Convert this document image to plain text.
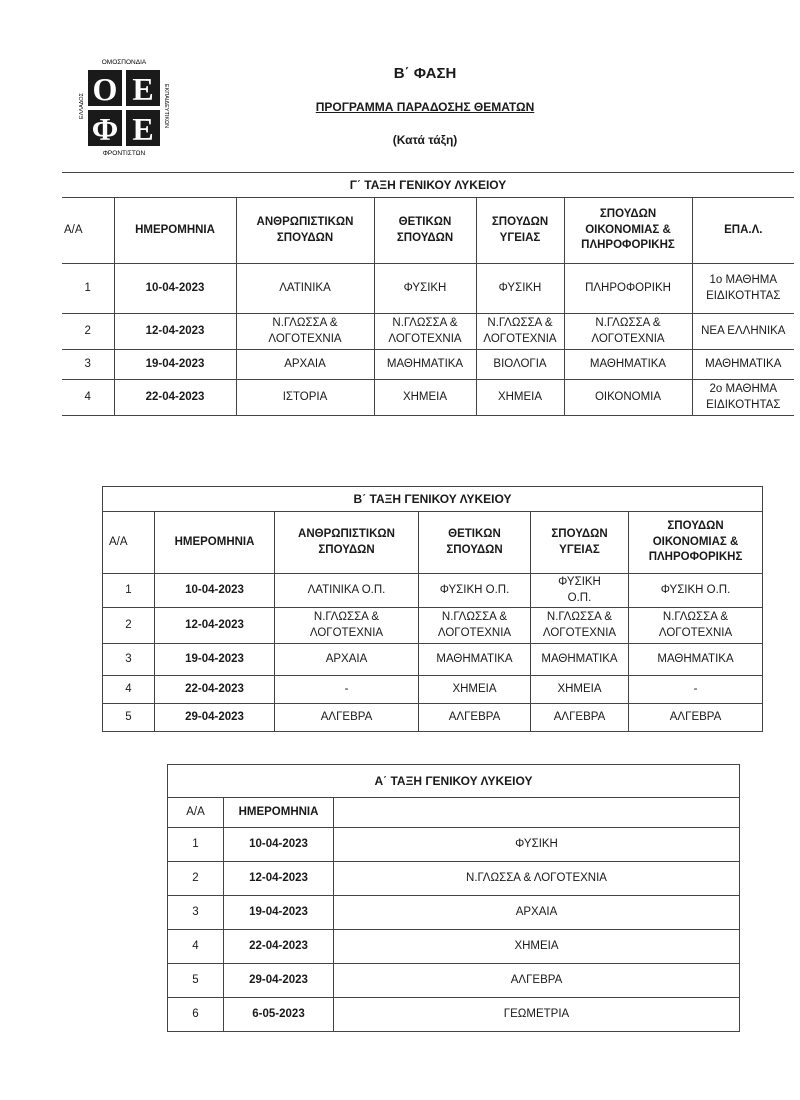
ΟΜΟΣΠΟΝΔΙΑ
ΦΡΟΝΤΙΣΤΩΝ
ΕΛΛΑΔΟΣ	ΕΚΠΑΙΔΕΥΤΙΚΩΝ
Ο Ε
Φ Ε
Β΄ ΦΑΣΗ
ΠΡΟΓΡΑΜΜΑ ΠΑΡΑΔΟΣΗΣ ΘΕΜΑΤΩΝ
(Κατά τάξη)
Γ΄ ΤΑΞΗ ΓΕΝΙΚΟΥ ΛΥΚΕΙΟΥ						
Α/Α	ΗΜΕΡΟΜΗΝΙΑ	ΑΝΘΡΩΠΙΣΤΙΚΩΝ ΣΠΟΥΔΩΝ	ΘΕΤΙΚΩΝ ΣΠΟΥΔΩΝ	ΣΠΟΥΔΩΝ ΥΓΕΙΑΣ	ΣΠΟΥΔΩΝ ΟΙΚΟΝΟΜΙΑΣ & ΠΛΗΡΟΦΟΡΙΚΗΣ	ΕΠΑ.Λ.
1	10-04-2023	ΛΑΤΙΝΙΚΑ	ΦΥΣΙΚΗ	ΦΥΣΙΚΗ	ΠΛΗΡΟΦΟΡΙΚΗ	1ο ΜΑΘΗΜΑ ΕΙΔΙΚΟΤΗΤΑΣ
2	12-04-2023	Ν.ΓΛΩΣΣΑ & ΛΟΓΟΤΕΧΝΙΑ	Ν.ΓΛΩΣΣΑ & ΛΟΓΟΤΕΧΝΙΑ	Ν.ΓΛΩΣΣΑ & ΛΟΓΟΤΕΧΝΙΑ	Ν.ΓΛΩΣΣΑ & ΛΟΓΟΤΕΧΝΙΑ	ΝΕΑ ΕΛΛΗΝΙΚΑ
3	19-04-2023	ΑΡΧΑΙΑ	ΜΑΘΗΜΑΤΙΚΑ	ΒΙΟΛΟΓΙΑ	ΜΑΘΗΜΑΤΙΚΑ	ΜΑΘΗΜΑΤΙΚΑ
4	22-04-2023	ΙΣΤΟΡΙΑ	ΧΗΜΕΙΑ	ΧΗΜΕΙΑ	ΟΙΚΟΝΟΜΙΑ	2ο ΜΑΘΗΜΑ ΕΙΔΙΚΟΤΗΤΑΣ
Β΄ ΤΑΞΗ ΓΕΝΙΚΟΥ ΛΥΚΕΙΟΥ					
Α/Α	ΗΜΕΡΟΜΗΝΙΑ	ΑΝΘΡΩΠΙΣΤΙΚΩΝ ΣΠΟΥΔΩΝ	ΘΕΤΙΚΩΝ ΣΠΟΥΔΩΝ	ΣΠΟΥΔΩΝ ΥΓΕΙΑΣ	ΣΠΟΥΔΩΝ ΟΙΚΟΝΟΜΙΑΣ & ΠΛΗΡΟΦΟΡΙΚΗΣ
1	10-04-2023	ΛΑΤΙΝΙΚΑ Ο.Π.	ΦΥΣΙΚΗ Ο.Π.	ΦΥΣΙΚΗ Ο.Π.	ΦΥΣΙΚΗ Ο.Π.
2	12-04-2023	Ν.ΓΛΩΣΣΑ & ΛΟΓΟΤΕΧΝΙΑ	Ν.ΓΛΩΣΣΑ & ΛΟΓΟΤΕΧΝΙΑ	Ν.ΓΛΩΣΣΑ & ΛΟΓΟΤΕΧΝΙΑ	Ν.ΓΛΩΣΣΑ & ΛΟΓΟΤΕΧΝΙΑ
3	19-04-2023	ΑΡΧΑΙΑ	ΜΑΘΗΜΑΤΙΚΑ	ΜΑΘΗΜΑΤΙΚΑ	ΜΑΘΗΜΑΤΙΚΑ
4	22-04-2023	-	ΧΗΜΕΙΑ	ΧΗΜΕΙΑ	-
5	29-04-2023	ΑΛΓΕΒΡΑ	ΑΛΓΕΒΡΑ	ΑΛΓΕΒΡΑ	ΑΛΓΕΒΡΑ
Α΄ ΤΑΞΗ ΓΕΝΙΚΟΥ ΛΥΚΕΙΟΥ		
Α/Α	ΗΜΕΡΟΜΗΝΙΑ	
1	10-04-2023	ΦΥΣΙΚΗ
2	12-04-2023	Ν.ΓΛΩΣΣΑ & ΛΟΓΟΤΕΧΝΙΑ
3	19-04-2023	ΑΡΧΑΙΑ
4	22-04-2023	ΧΗΜΕΙΑ
5	29-04-2023	ΑΛΓΕΒΡΑ
6	6-05-2023	ΓΕΩΜΕΤΡΙΑ
